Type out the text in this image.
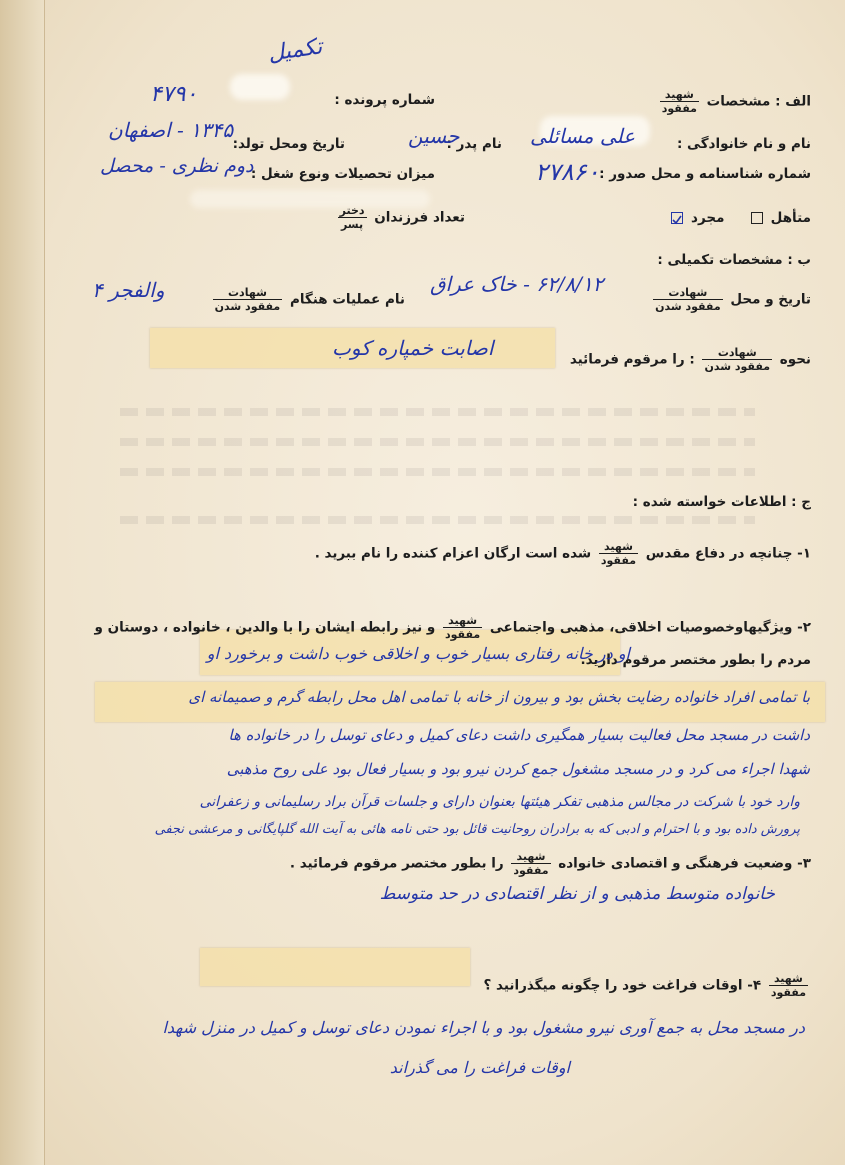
الف : مشخصات
$\frac{\text{شهید}}{\text{مفقود}}$
شماره پرونده :
۴۷۹۰
تکمیل
نام و نام خانوادگی :
علی مسائلی
نام پدر :
حسین
تاریخ ومحل تولد:
۱۳۴۵ - اصفهان
شماره شناسنامه و محل صدور :
۲۷۸۶۰
میزان تحصیلات ونوع شغل :
دوم نظری - محصل
متأهل      مجرد
تعداد فرزندان
$\frac{\text{دختر}}{\text{پسر}}$
ب : مشخصات تکمیلی :
تاریخ و محل
$\frac{\text{شهادت}}{\text{مفقود شدن}}$
۶۲/۸/۱۲ - خاک عراق
نام عملیات هنگام
$\frac{\text{شهادت}}{\text{مفقود شدن}}$
والفجر ۴
نحوه
$\frac{\text{شهادت}}{\text{مفقود شدن}}$
: را مرقوم فرمائید
اصابت خمپاره کوب
ج : اطلاعات خواسته شده :
۱- چنانچه در دفاع مقدس
$\frac{\text{شهید}}{\text{مفقود}}$
شده است ارگان اعزام کننده را نام ببرید .
۲- ویژگیهاوخصوصیات اخلاقی، مذهبی واجتماعی
$\frac{\text{شهید}}{\text{مفقود}}$
و نیز رابطه ایشان را با والدین ، خانواده ، دوستان و
مردم را بطور مختصر مرقوم دارید.
او در خانه رفتاری بسیار خوب و اخلاقی خوب داشت و برخورد او
با تمامی افراد خانواده رضایت بخش بود و بیرون از خانه با تمامی اهل محل رابطه گرم و صمیمانه ای
داشت در مسجد محل فعالیت بسیار همگیری داشت دعای کمیل و دعای توسل را در خانواده ها
شهدا اجراء می کرد و در مسجد مشغول جمع کردن نیرو بود و بسیار فعال بود علی روح مذهبی
وارد خود با شرکت در مجالس مذهبی تفکر هیئتها بعنوان دارای و جلسات قرآن براد رسلیمانی و زعفرانی
پرورش داده بود و با احترام و ادبی که به برادران روحانیت قائل بود حتی نامه هائی به آیت الله گلپایگانی و مرعشی نجفی
۳- وضعیت فرهنگی و اقتصادی خانواده
$\frac{\text{شهید}}{\text{مفقود}}$
را بطور مختصر مرقوم فرمائید .
خانواده متوسط مذهبی و از نظر اقتصادی در حد متوسط
$\frac{\text{شهید}}{\text{مفقود}}$
۴- اوقات فراغت خود را چگونه میگذرانید ؟
در مسجد محل به جمع آوری نیرو مشغول بود و با اجراء نمودن دعای توسل و کمیل در منزل شهدا
اوقات فراغت را می گذراند
